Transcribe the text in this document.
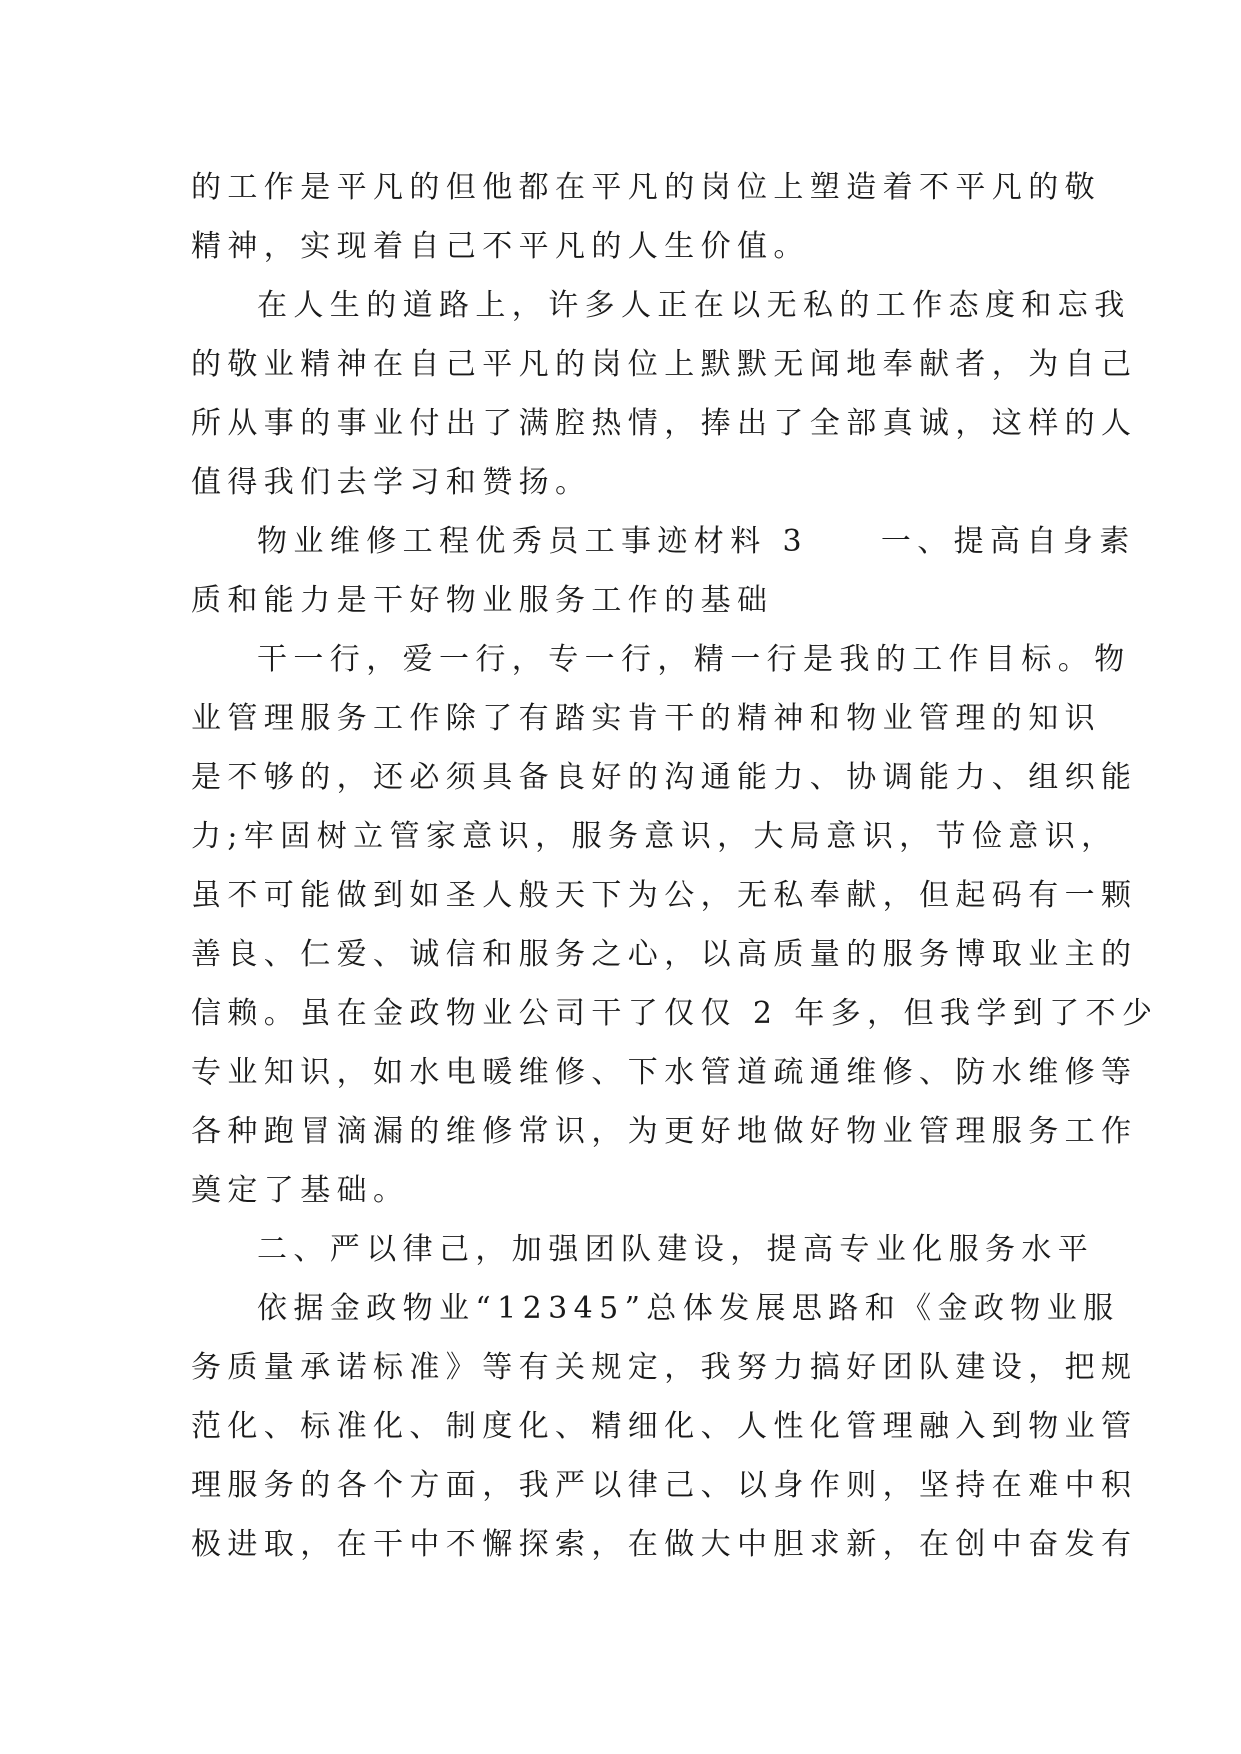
的工作是平凡的但他都在平凡的岗位上塑造着不平凡的敬
精神，实现着自己不平凡的人生价值。
在人生的道路上，许多人正在以无私的工作态度和忘我
的敬业精神在自己平凡的岗位上默默无闻地奉献者，为自己
所从事的事业付出了满腔热情，捧出了全部真诚，这样的人
值得我们去学习和赞扬。
物业维修工程优秀员工事迹材料 3　　一、提高自身素
质和能力是干好物业服务工作的基础
干一行，爱一行，专一行，精一行是我的工作目标。物
业管理服务工作除了有踏实肯干的精神和物业管理的知识
是不够的，还必须具备良好的沟通能力、协调能力、组织能
力;牢固树立管家意识，服务意识，大局意识，节俭意识，
虽不可能做到如圣人般天下为公，无私奉献，但起码有一颗
善良、仁爱、诚信和服务之心，以高质量的服务博取业主的
信赖。虽在金政物业公司干了仅仅 2 年多，但我学到了不少
专业知识，如水电暖维修、下水管道疏通维修、防水维修等
各种跑冒滴漏的维修常识，为更好地做好物业管理服务工作
奠定了基础。
二、严以律己，加强团队建设，提高专业化服务水平
依据金政物业“12345”总体发展思路和《金政物业服
务质量承诺标准》等有关规定，我努力搞好团队建设，把规
范化、标准化、制度化、精细化、人性化管理融入到物业管
理服务的各个方面，我严以律己、以身作则，坚持在难中积
极进取，在干中不懈探索，在做大中胆求新，在创中奋发有
